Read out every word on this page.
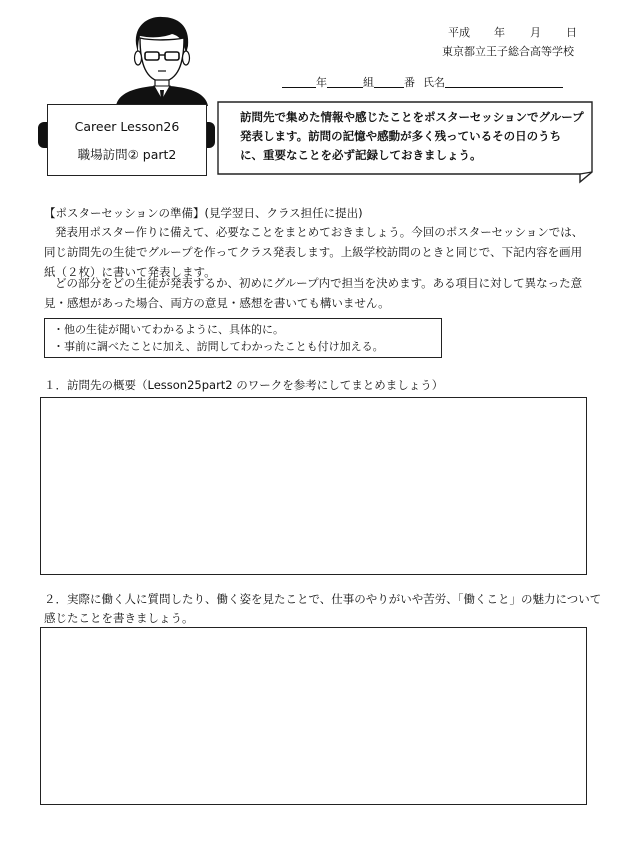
平成 年 月 日
東京都立王子総合高等学校
年	組	番 氏名
Career Lesson26
職場訪問② part2
訪問先で集めた情報や感じたことをポスターセッションでグループ発表します。訪問の記憶や感動が多く残っているその日のうちに、重要なことを必ず記録しておきましょう。
【ポスターセッションの準備】(見学翌日、クラス担任に提出)
発表用ポスター作りに備えて、必要なことをまとめておきましょう。今回のポスターセッションでは、同じ訪問先の生徒でグループを作ってクラス発表します。上級学校訪問のときと同じで、下記内容を画用紙（２枚）に書いて発表します。
どの部分をどの生徒が発表するか、初めにグループ内で担当を決めます。ある項目に対して異なった意見・感想があった場合、両方の意見・感想を書いても構いません。
・他の生徒が聞いてわかるように、具体的に。
・事前に調べたことに加え、訪問してわかったことも付け加える。
１．訪問先の概要（Lesson25part2 のワークを参考にしてまとめましょう）
２．実際に働く人に質問したり、働く姿を見たことで、仕事のやりがいや苦労、「働くこと」の魅力について感じたことを書きましょう。
